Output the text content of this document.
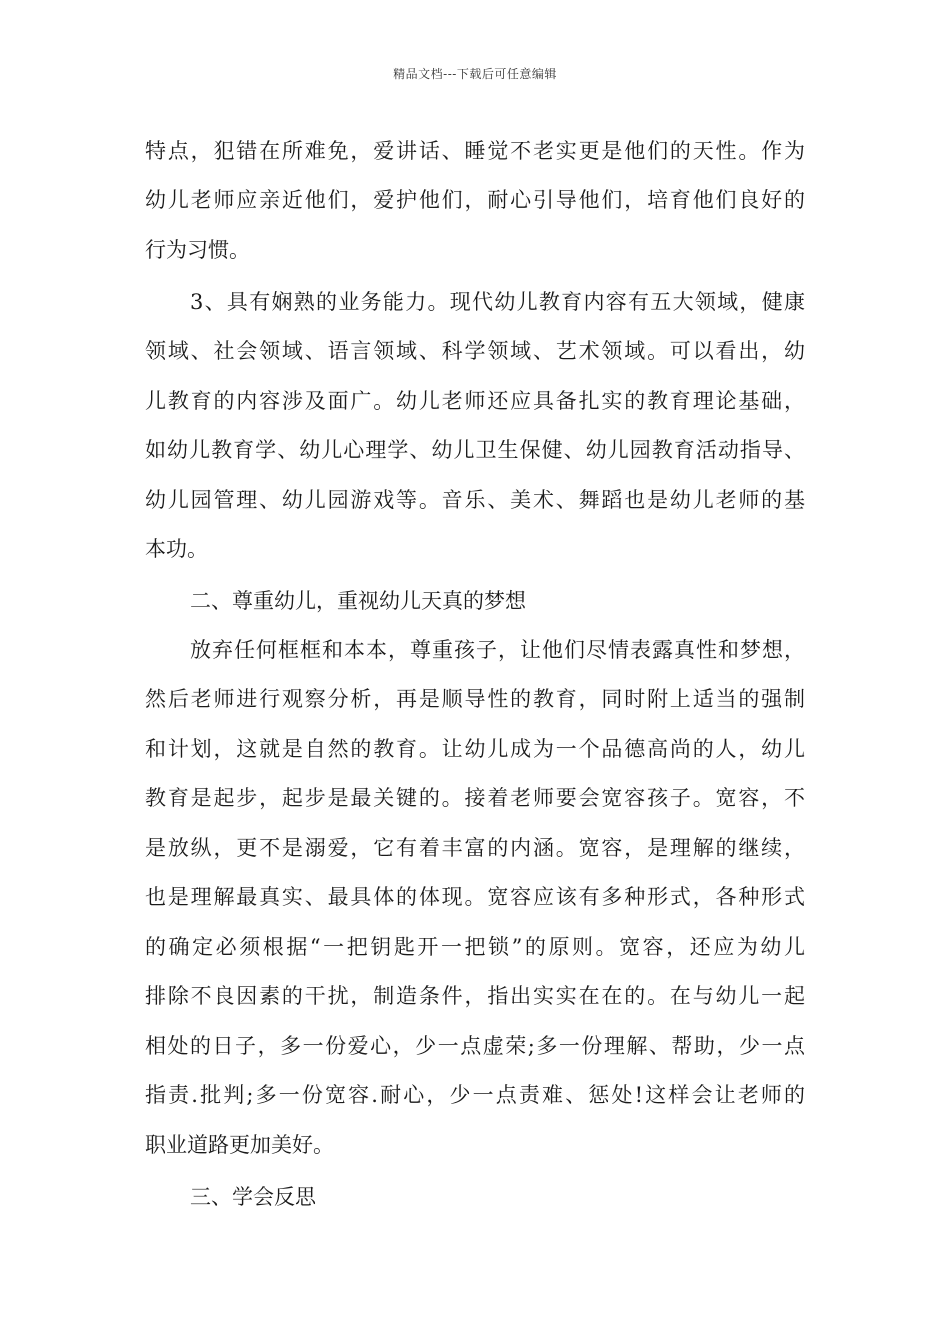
精品文档---下载后可任意编辑
特点，犯错在所难免，爱讲话、睡觉不老实更是他们的天性。作为
幼儿老师应亲近他们，爱护他们，耐心引导他们，培育他们良好的
行为习惯。
3、具有娴熟的业务能力。现代幼儿教育内容有五大领域，健康
领域、社会领域、语言领域、科学领域、艺术领域。可以看出，幼
儿教育的内容涉及面广。幼儿老师还应具备扎实的教育理论基础，
如幼儿教育学、幼儿心理学、幼儿卫生保健、幼儿园教育活动指导、
幼儿园管理、幼儿园游戏等。音乐、美术、舞蹈也是幼儿老师的基
本功。
二、尊重幼儿，重视幼儿天真的梦想
放弃任何框框和本本，尊重孩子，让他们尽情表露真性和梦想，
然后老师进行观察分析，再是顺导性的教育，同时附上适当的强制
和计划，这就是自然的教育。让幼儿成为一个品德高尚的人，幼儿
教育是起步，起步是最关键的。接着老师要会宽容孩子。宽容，不
是放纵，更不是溺爱，它有着丰富的内涵。宽容，是理解的继续，
也是理解最真实、最具体的体现。宽容应该有多种形式，各种形式
的确定必须根据“一把钥匙开一把锁”的原则。宽容，还应为幼儿
排除不良因素的干扰，制造条件，指出实实在在的。在与幼儿一起
相处的日子，多一份爱心，少一点虚荣;多一份理解、帮助，少一点
指责.批判;多一份宽容.耐心，少一点责难、惩处!这样会让老师的
职业道路更加美好。
三、学会反思
